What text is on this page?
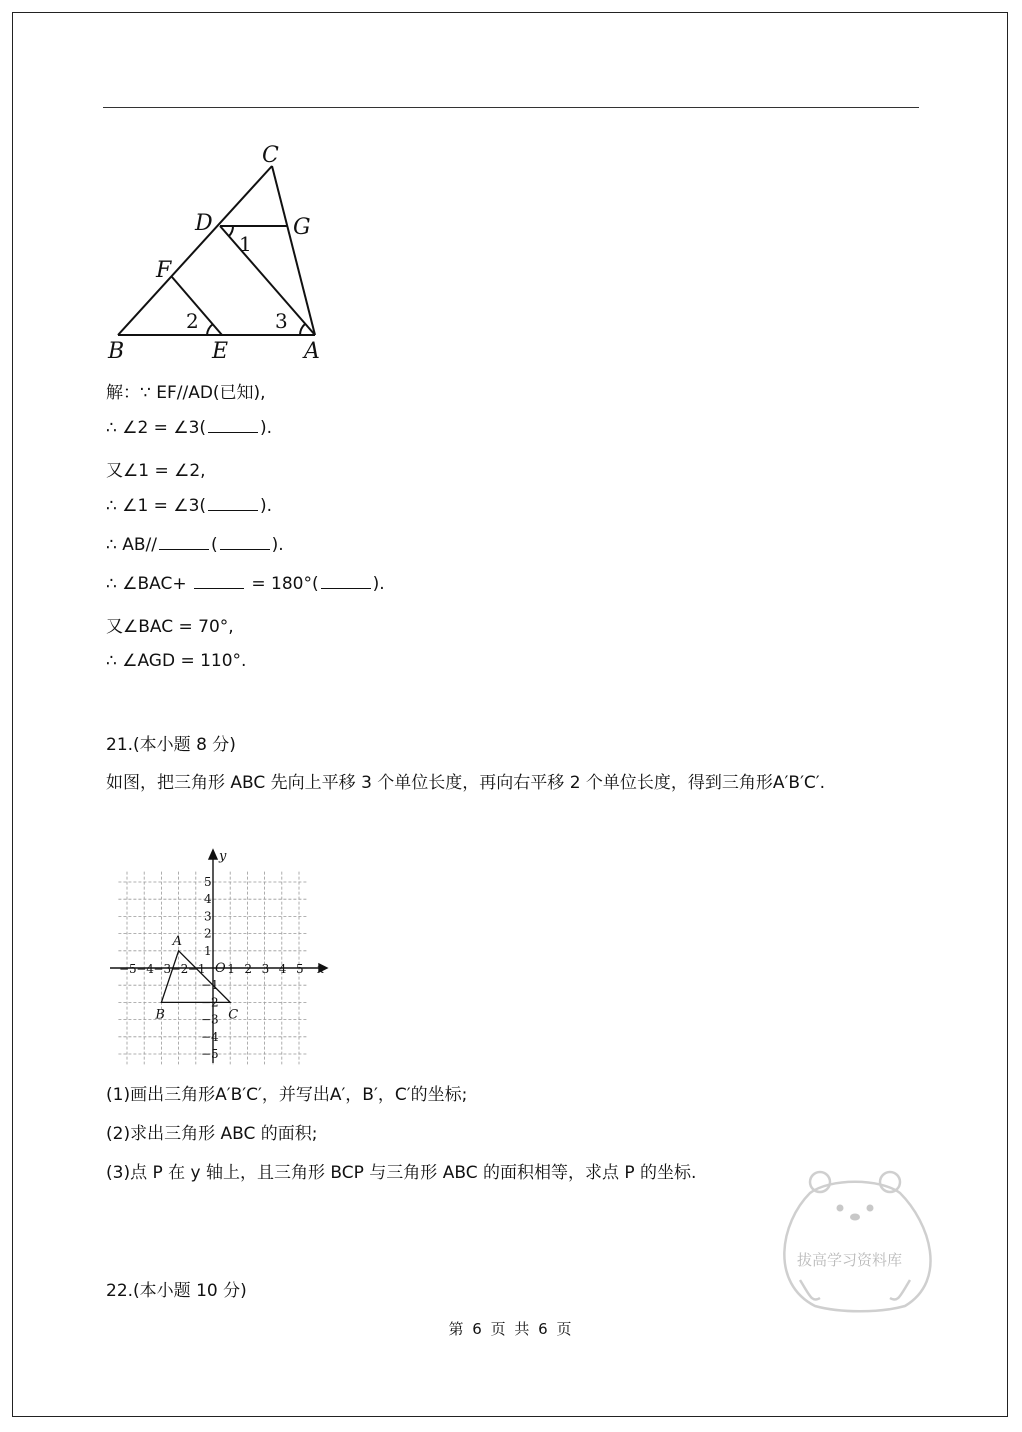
C
D	G
F
B	E	A
1
2	3
解：∵ EF//AD(已知),
∴ ∠2 = ∠3(	).
又∠1 = ∠2,
∴ ∠1 = ∠3(	).
∴ AB//	(	).
∴ ∠BAC+	= 180°(	).
又∠BAC = 70°,
∴ ∠AGD = 110°.
21.(本小题 8 分)
如图，把三角形 ABC 先向上平移 3 个单位长度，再向右平移 2 个单位长度，得到三角形A′B′C′.
−5 −4 −3 −2 −1 1 2 3 4 5
5
4
3
2
1
−1
−2
−3
−4
−5
A
B	C
x
y
O
(1)画出三角形A′B′C′，并写出A′，B′，C′的坐标;
(2)求出三角形 ABC 的面积;
(3)点 P 在 y 轴上，且三角形 BCP 与三角形 ABC 的面积相等，求点 P 的坐标.
22.(本小题 10 分)
拔高学习资料库
第 6 页 共 6 页
